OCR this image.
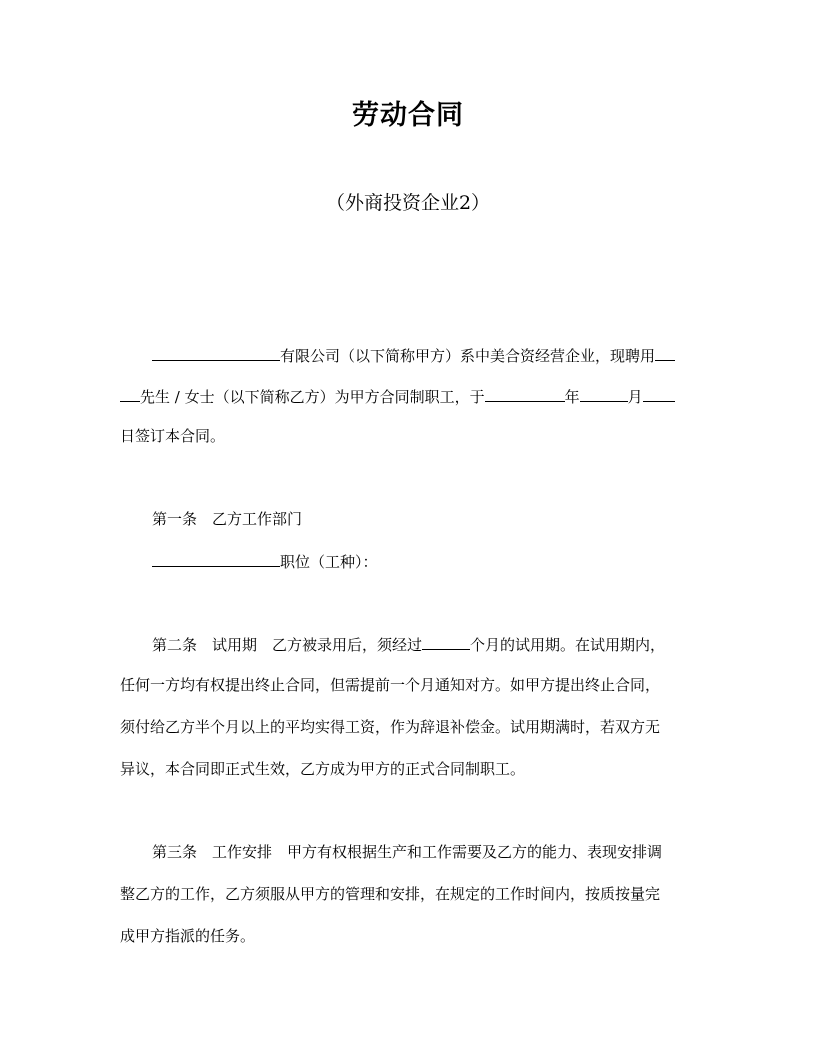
劳动合同
（外商投资企业2）
有限公司（以下简称甲方）系中美合资经营企业，现聘用
先生 / 女士（以下简称乙方）为甲方合同制职工，于	年	月
日签订本合同。
第一条　乙方工作部门
职位（工种）：
第二条　试用期　乙方被录用后，须经过	个月的试用期。在试用期内，
任何一方均有权提出终止合同，但需提前一个月通知对方。如甲方提出终止合同，
须付给乙方半个月以上的平均实得工资，作为辞退补偿金。试用期满时，若双方无
异议，本合同即正式生效，乙方成为甲方的正式合同制职工。
第三条　工作安排　甲方有权根据生产和工作需要及乙方的能力、表现安排调
整乙方的工作，乙方须服从甲方的管理和安排，在规定的工作时间内，按质按量完
成甲方指派的任务。
